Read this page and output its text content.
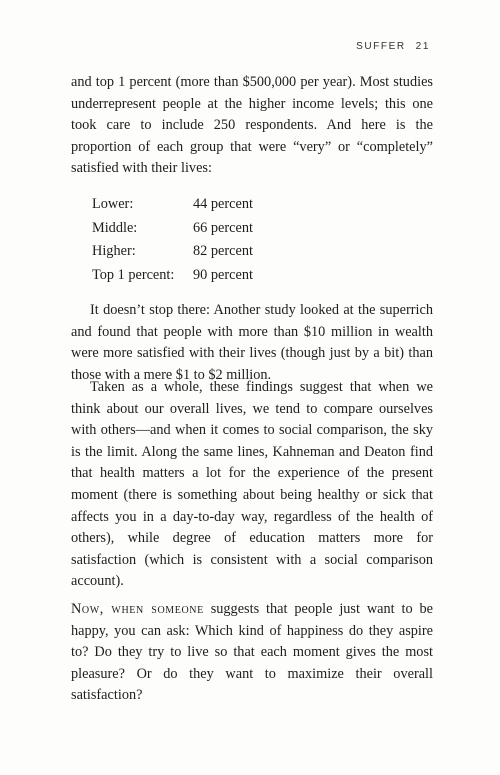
SUFFER 21

and top 1 percent (more than $500,000 per year). Most studies underrepresent people at the higher income levels; this one took care to include 250 respondents. And here is the proportion of each group that were “very” or “completely” satisfied with their lives:

Lower:	44 percent
Middle:	66 percent
Higher:	82 percent
Top 1 percent:	90 percent

It doesn’t stop there: Another study looked at the superrich and found that people with more than $10 million in wealth were more satisfied with their lives (though just by a bit) than those with a mere $1 to $2 million.

Taken as a whole, these findings suggest that when we think about our overall lives, we tend to compare ourselves with others—and when it comes to social comparison, the sky is the limit. Along the same lines, Kahneman and Deaton find that health matters a lot for the experience of the present moment (there is something about being healthy or sick that affects you in a day-to-day way, regardless of the health of others), while degree of education matters more for satisfaction (which is consistent with a social comparison account).

Now, when someone suggests that people just want to be happy, you can ask: Which kind of happiness do they aspire to? Do they try to live so that each moment gives the most pleasure? Or do they want to maximize their overall satisfaction?
